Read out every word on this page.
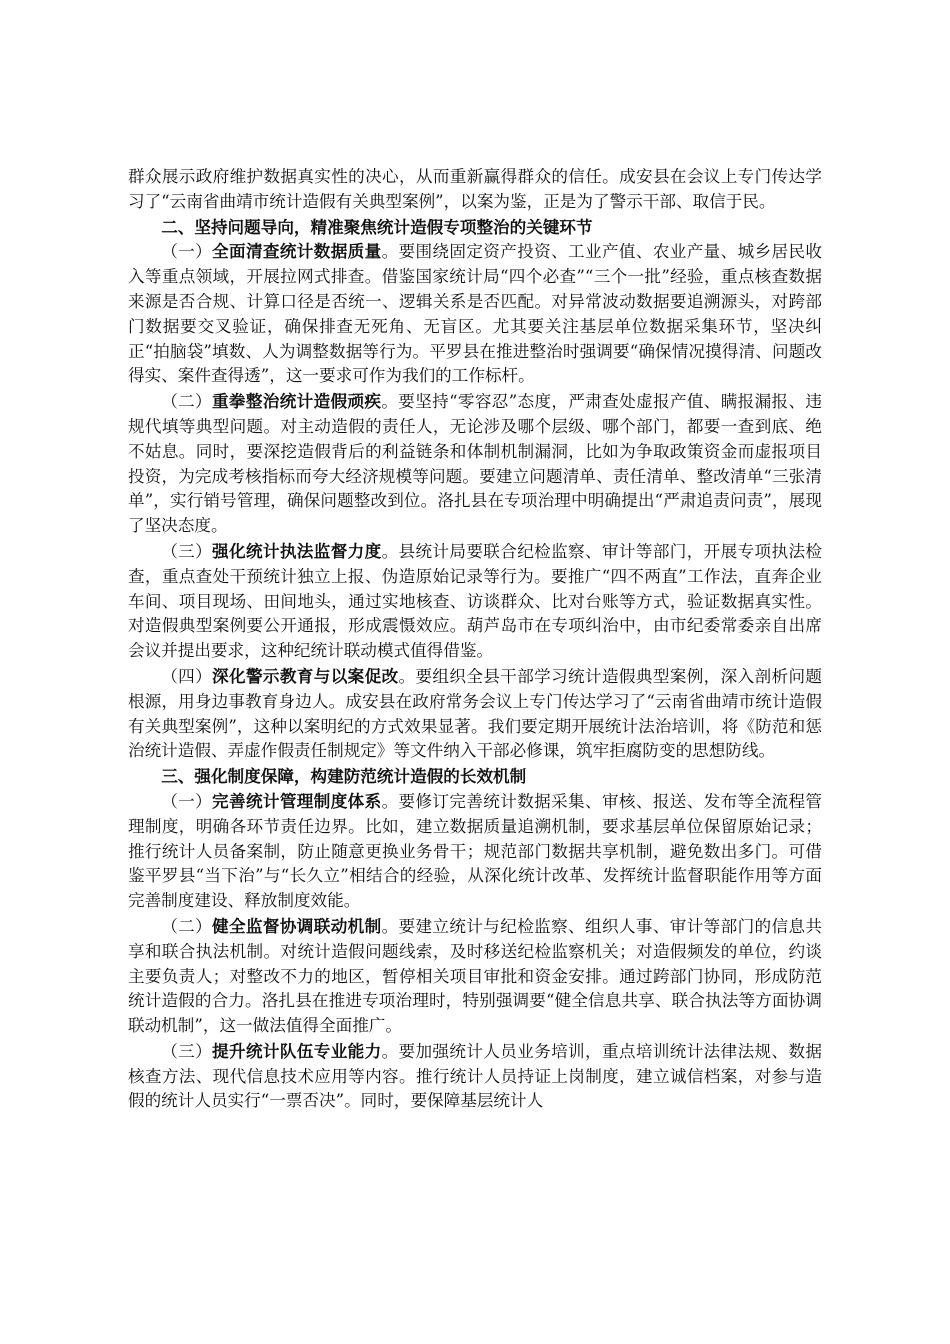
群众展示政府维护数据真实性的决心，从而重新赢得群众的信任。成安县在会议上专门传达学习了“云南省曲靖市统计造假有关典型案例”，以案为鉴，正是为了警示干部、取信于民。

二、坚持问题导向，精准聚焦统计造假专项整治的关键环节

（一）全面清查统计数据质量。要围绕固定资产投资、工业产值、农业产量、城乡居民收入等重点领域，开展拉网式排查。借鉴国家统计局“四个必查”“三个一批”经验，重点核查数据来源是否合规、计算口径是否统一、逻辑关系是否匹配。对异常波动数据要追溯源头，对跨部门数据要交叉验证，确保排查无死角、无盲区。尤其要关注基层单位数据采集环节，坚决纠正“拍脑袋”填数、人为调整数据等行为。平罗县在推进整治时强调要“确保情况摸得清、问题改得实、案件查得透”，这一要求可作为我们的工作标杆。

（二）重拳整治统计造假顽疾。要坚持“零容忍”态度，严肃查处虚报产值、瞒报漏报、违规代填等典型问题。对主动造假的责任人，无论涉及哪个层级、哪个部门，都要一查到底、绝不姑息。同时，要深挖造假背后的利益链条和体制机制漏洞，比如为争取政策资金而虚报项目投资，为完成考核指标而夸大经济规模等问题。要建立问题清单、责任清单、整改清单“三张清单”，实行销号管理，确保问题整改到位。洛扎县在专项治理中明确提出“严肃追责问责”，展现了坚决态度。

（三）强化统计执法监督力度。县统计局要联合纪检监察、审计等部门，开展专项执法检查，重点查处干预统计独立上报、伪造原始记录等行为。要推广“四不两直”工作法，直奔企业车间、项目现场、田间地头，通过实地核查、访谈群众、比对台账等方式，验证数据真实性。对造假典型案例要公开通报，形成震慑效应。葫芦岛市在专项纠治中，由市纪委常委亲自出席会议并提出要求，这种纪统计联动模式值得借鉴。

（四）深化警示教育与以案促改。要组织全县干部学习统计造假典型案例，深入剖析问题根源，用身边事教育身边人。成安县在政府常务会议上专门传达学习了“云南省曲靖市统计造假有关典型案例”，这种以案明纪的方式效果显著。我们要定期开展统计法治培训，将《防范和惩治统计造假、弄虚作假责任制规定》等文件纳入干部必修课，筑牢拒腐防变的思想防线。

三、强化制度保障，构建防范统计造假的长效机制

（一）完善统计管理制度体系。要修订完善统计数据采集、审核、报送、发布等全流程管理制度，明确各环节责任边界。比如，建立数据质量追溯机制，要求基层单位保留原始记录；推行统计人员备案制，防止随意更换业务骨干；规范部门数据共享机制，避免数出多门。可借鉴平罗县“当下治”与“长久立”相结合的经验，从深化统计改革、发挥统计监督职能作用等方面完善制度建设、释放制度效能。

（二）健全监督协调联动机制。要建立统计与纪检监察、组织人事、审计等部门的信息共享和联合执法机制。对统计造假问题线索，及时移送纪检监察机关；对造假频发的单位，约谈主要负责人；对整改不力的地区，暂停相关项目审批和资金安排。通过跨部门协同，形成防范统计造假的合力。洛扎县在推进专项治理时，特别强调要“健全信息共享、联合执法等方面协调联动机制”，这一做法值得全面推广。

（三）提升统计队伍专业能力。要加强统计人员业务培训，重点培训统计法律法规、数据核查方法、现代信息技术应用等内容。推行统计人员持证上岗制度，建立诚信档案，对参与造假的统计人员实行“一票否决”。同时，要保障基层统计人
